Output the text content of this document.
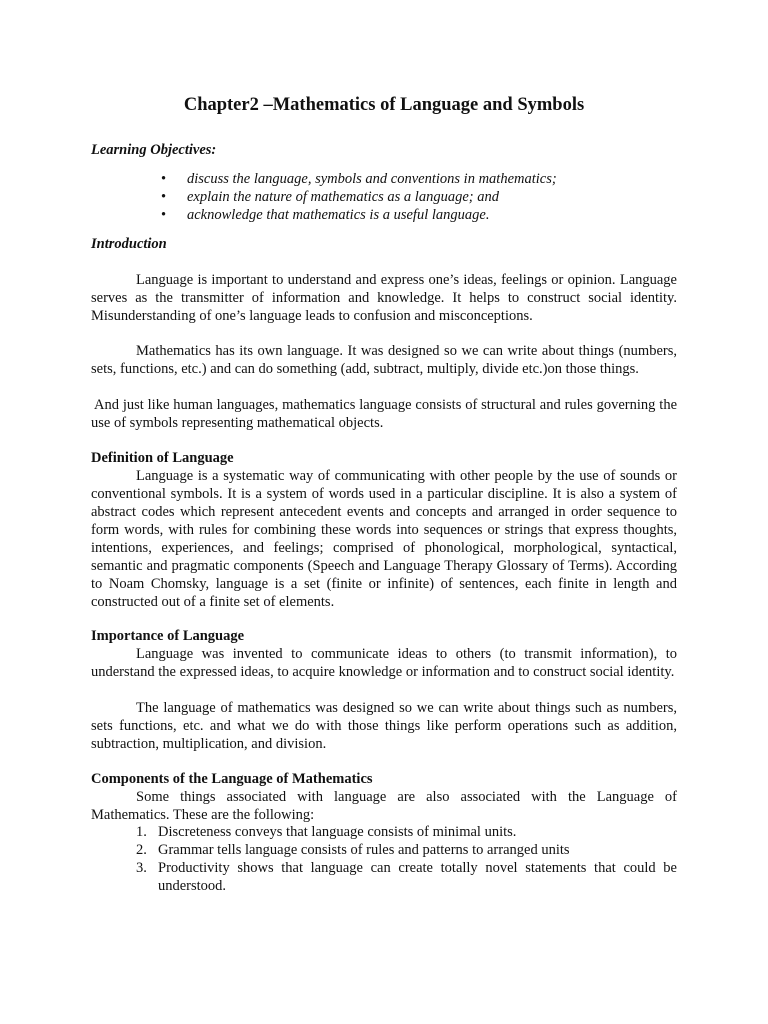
Chapter2 –Mathematics of Language and Symbols
Learning Objectives:
• discuss the language, symbols and conventions in mathematics;
• explain the nature of mathematics as a language; and
• acknowledge that mathematics is a useful language.
Introduction

Language is important to understand and express one’s ideas, feelings or opinion. Language serves as the transmitter of information and knowledge. It helps to construct social identity. Misunderstanding of one’s language leads to confusion and misconceptions.

Mathematics has its own language. It was designed so we can write about things (numbers, sets, functions, etc.) and can do something (add, subtract, multiply, divide etc.)on those things.

And just like human languages, mathematics language consists of structural and rules governing the use of symbols representing mathematical objects.

Definition of Language

Language is a systematic way of communicating with other people by the use of sounds or conventional symbols. It is a system of words used in a particular discipline. It is also a system of abstract codes which represent antecedent events and concepts and arranged in order sequence to form words, with rules for combining these words into sequences or strings that express thoughts, intentions, experiences, and feelings; comprised of phonological, morphological, syntactical, semantic and pragmatic components (Speech and Language Therapy Glossary of Terms). According to Noam Chomsky, language is a set (finite or infinite) of sentences, each finite in length and constructed out of a finite set of elements.

Importance of Language

Language was invented to communicate ideas to others (to transmit information), to understand the expressed ideas, to acquire knowledge or information and to construct social identity.

The language of mathematics was designed so we can write about things such as numbers, sets functions, etc. and what we do with those things like perform operations such as addition, subtraction, multiplication, and division.

Components of the Language of Mathematics

Some things associated with language are also associated with the Language of Mathematics. These are the following:

1. Discreteness conveys that language consists of minimal units.
2. Grammar tells language consists of rules and patterns to arranged units
3. Productivity shows that language can create totally novel statements that could be understood.
